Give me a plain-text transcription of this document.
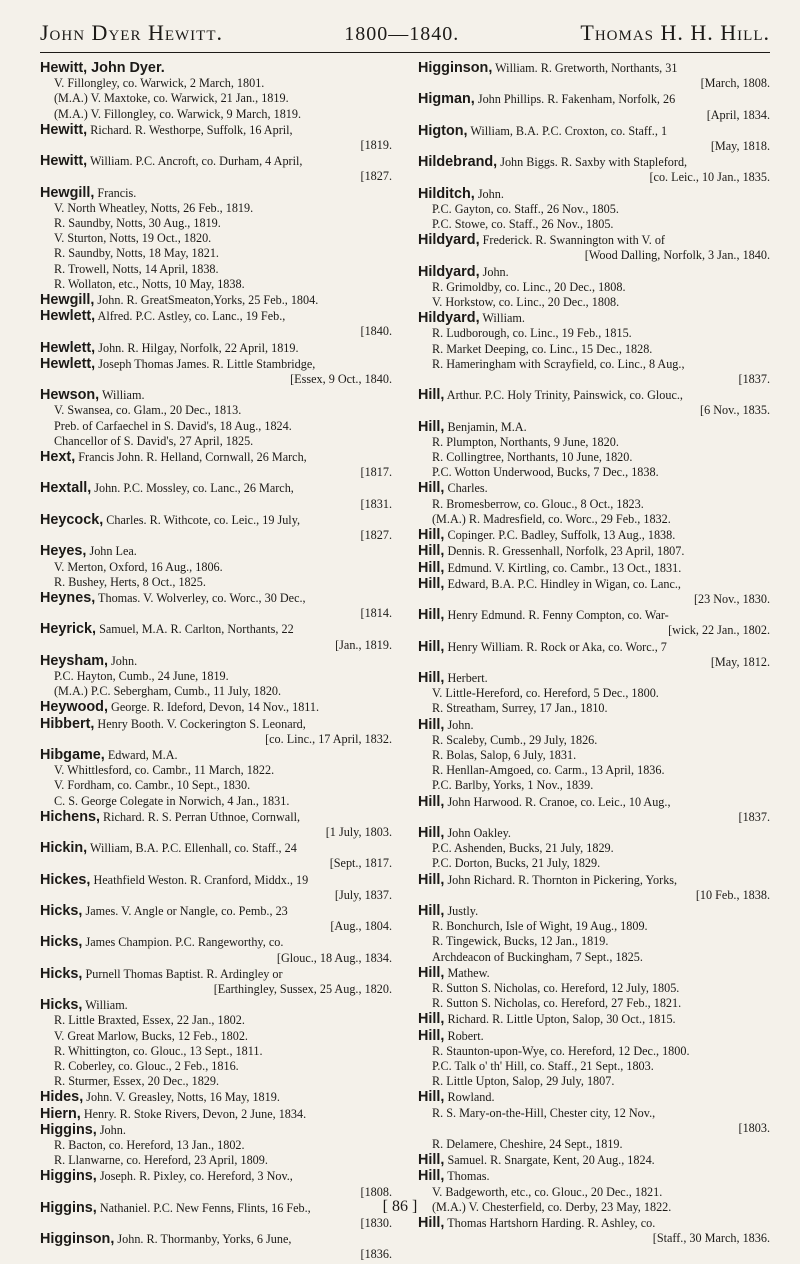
John Dyer Hewitt.	1800—1840.	Thomas H. H. Hill.
Hewitt, John Dyer.
V. Fillongley, co. Warwick, 2 March, 1801.
(M.A.) V. Maxtoke, co. Warwick, 21 Jan., 1819.
(M.A.) V. Fillongley, co. Warwick, 9 March, 1819.
Hewitt, Richard. R. Westhorpe, Suffolk, 16 April,
[1819.
Hewitt, William. P.C. Ancroft, co. Durham, 4 April,
[1827.
Hewgill, Francis.
V. North Wheatley, Notts, 26 Feb., 1819.
R. Saundby, Notts, 30 Aug., 1819.
V. Sturton, Notts, 19 Oct., 1820.
R. Saundby, Notts, 18 May, 1821.
R. Trowell, Notts, 14 April, 1838.
R. Wollaton, etc., Notts, 10 May, 1838.
Hewgill, John. R. GreatSmeaton,Yorks, 25 Feb., 1804.
Hewlett, Alfred. P.C. Astley, co. Lanc., 19 Feb.,
[1840.
Hewlett, John. R. Hilgay, Norfolk, 22 April, 1819.
Hewlett, Joseph Thomas James. R. Little Stambridge,
[Essex, 9 Oct., 1840.
Hewson, William.
V. Swansea, co. Glam., 20 Dec., 1813.
Preb. of Carfaechel in S. David's, 18 Aug., 1824.
Chancellor of S. David's, 27 April, 1825.
Hext, Francis John. R. Helland, Cornwall, 26 March,
[1817.
Hextall, John. P.C. Mossley, co. Lanc., 26 March,
[1831.
Heycock, Charles. R. Withcote, co. Leic., 19 July,
[1827.
Heyes, John Lea.
V. Merton, Oxford, 16 Aug., 1806.
R. Bushey, Herts, 8 Oct., 1825.
Heynes, Thomas. V. Wolverley, co. Worc., 30 Dec.,
[1814.
Heyrick, Samuel, M.A. R. Carlton, Northants, 22
[Jan., 1819.
Heysham, John.
P.C. Hayton, Cumb., 24 June, 1819.
(M.A.) P.C. Sebergham, Cumb., 11 July, 1820.
Heywood, George. R. Ideford, Devon, 14 Nov., 1811.
Hibbert, Henry Booth. V. Cockerington S. Leonard,
[co. Linc., 17 April, 1832.
Hibgame, Edward, M.A.
V. Whittlesford, co. Cambr., 11 March, 1822.
V. Fordham, co. Cambr., 10 Sept., 1830.
C. S. George Colegate in Norwich, 4 Jan., 1831.
Hichens, Richard. R. S. Perran Uthnoe, Cornwall,
[1 July, 1803.
Hickin, William, B.A. P.C. Ellenhall, co. Staff., 24
[Sept., 1817.
Hickes, Heathfield Weston. R. Cranford, Middx., 19
[July, 1837.
Hicks, James. V. Angle or Nangle, co. Pemb., 23
[Aug., 1804.
Hicks, James Champion. P.C. Rangeworthy, co.
[Glouc., 18 Aug., 1834.
Hicks, Purnell Thomas Baptist. R. Ardingley or
[Earthingley, Sussex, 25 Aug., 1820.
Hicks, William.
R. Little Braxted, Essex, 22 Jan., 1802.
V. Great Marlow, Bucks, 12 Feb., 1802.
R. Whittington, co. Glouc., 13 Sept., 1811.
R. Coberley, co. Glouc., 2 Feb., 1816.
R. Sturmer, Essex, 20 Dec., 1829.
Hides, John. V. Greasley, Notts, 16 May, 1819.
Hiern, Henry. R. Stoke Rivers, Devon, 2 June, 1834.
Higgins, John.
R. Bacton, co. Hereford, 13 Jan., 1802.
R. Llanwarne, co. Hereford, 23 April, 1809.
Higgins, Joseph. R. Pixley, co. Hereford, 3 Nov.,
[1808.
Higgins, Nathaniel. P.C. New Fenns, Flints, 16 Feb.,
[1830.
Higginson, John. R. Thormanby, Yorks, 6 June,
[1836.
Higginson, William. R. Gretworth, Northants, 31
[March, 1808.
Higman, John Phillips. R. Fakenham, Norfolk, 26
[April, 1834.
Higton, William, B.A. P.C. Croxton, co. Staff., 1
[May, 1818.
Hildebrand, John Biggs. R. Saxby with Stapleford,
[co. Leic., 10 Jan., 1835.
Hilditch, John.
P.C. Gayton, co. Staff., 26 Nov., 1805.
P.C. Stowe, co. Staff., 26 Nov., 1805.
Hildyard, Frederick. R. Swannington with V. of
[Wood Dalling, Norfolk, 3 Jan., 1840.
Hildyard, John.
R. Grimoldby, co. Linc., 20 Dec., 1808.
V. Horkstow, co. Linc., 20 Dec., 1808.
Hildyard, William.
R. Ludborough, co. Linc., 19 Feb., 1815.
R. Market Deeping, co. Linc., 15 Dec., 1828.
R. Hameringham with Scrayfield, co. Linc., 8 Aug.,
[1837.
Hill, Arthur. P.C. Holy Trinity, Painswick, co. Glouc.,
[6 Nov., 1835.
Hill, Benjamin, M.A.
R. Plumpton, Northants, 9 June, 1820.
R. Collingtree, Northants, 10 June, 1820.
P.C. Wotton Underwood, Bucks, 7 Dec., 1838.
Hill, Charles.
R. Bromesberrow, co. Glouc., 8 Oct., 1823.
(M.A.) R. Madresfield, co. Worc., 29 Feb., 1832.
Hill, Copinger. P.C. Badley, Suffolk, 13 Aug., 1838.
Hill, Dennis. R. Gressenhall, Norfolk, 23 April, 1807.
Hill, Edmund. V. Kirtling, co. Cambr., 13 Oct., 1831.
Hill, Edward, B.A. P.C. Hindley in Wigan, co. Lanc.,
[23 Nov., 1830.
Hill, Henry Edmund. R. Fenny Compton, co. War-
[wick, 22 Jan., 1802.
Hill, Henry William. R. Rock or Aka, co. Worc., 7
[May, 1812.
Hill, Herbert.
V. Little-Hereford, co. Hereford, 5 Dec., 1800.
R. Streatham, Surrey, 17 Jan., 1810.
Hill, John.
R. Scaleby, Cumb., 29 July, 1826.
R. Bolas, Salop, 6 July, 1831.
R. Henllan-Amgoed, co. Carm., 13 April, 1836.
P.C. Barlby, Yorks, 1 Nov., 1839.
Hill, John Harwood. R. Cranoe, co. Leic., 10 Aug.,
[1837.
Hill, John Oakley.
P.C. Ashenden, Bucks, 21 July, 1829.
P.C. Dorton, Bucks, 21 July, 1829.
Hill, John Richard. R. Thornton in Pickering, Yorks,
[10 Feb., 1838.
Hill, Justly.
R. Bonchurch, Isle of Wight, 19 Aug., 1809.
R. Tingewick, Bucks, 12 Jan., 1819.
Archdeacon of Buckingham, 7 Sept., 1825.
Hill, Mathew.
R. Sutton S. Nicholas, co. Hereford, 12 July, 1805.
R. Sutton S. Nicholas, co. Hereford, 27 Feb., 1821.
Hill, Richard. R. Little Upton, Salop, 30 Oct., 1815.
Hill, Robert.
R. Staunton-upon-Wye, co. Hereford, 12 Dec., 1800.
P.C. Talk o' th' Hill, co. Staff., 21 Sept., 1803.
R. Little Upton, Salop, 29 July, 1807.
Hill, Rowland.
R. S. Mary-on-the-Hill, Chester city, 12 Nov.,
[1803.
R. Delamere, Cheshire, 24 Sept., 1819.
Hill, Samuel. R. Snargate, Kent, 20 Aug., 1824.
Hill, Thomas.
V. Badgeworth, etc., co. Glouc., 20 Dec., 1821.
(M.A.) V. Chesterfield, co. Derby, 23 May, 1822.
Hill, Thomas Hartshorn Harding. R. Ashley, co.
[Staff., 30 March, 1836.
[ 86 ]
